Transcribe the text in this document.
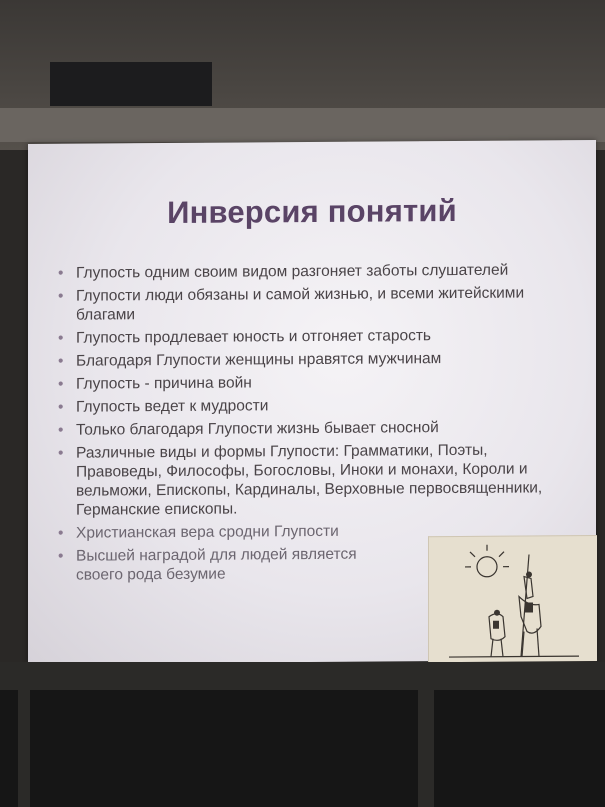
Инверсия понятий
• Глупость одним своим видом разгоняет заботы слушателей
• Глупости люди обязаны и самой жизнью, и всеми житейскими благами
• Глупость продлевает юность и отгоняет старость
• Благодаря Глупости женщины нравятся мужчинам
• Глупость - причина войн
• Глупость ведет к мудрости
• Только благодаря Глупости жизнь бывает сносной
• Различные виды и формы Глупости: Грамматики, Поэты, Правоведы, Философы, Богословы, Иноки и монахи, Короли и вельможи, Епископы, Кардиналы, Верховные первосвященники, Германские епископы.
• Христианская вера сродни Глупости
• Высшей наградой для людей является своего рода безумие
